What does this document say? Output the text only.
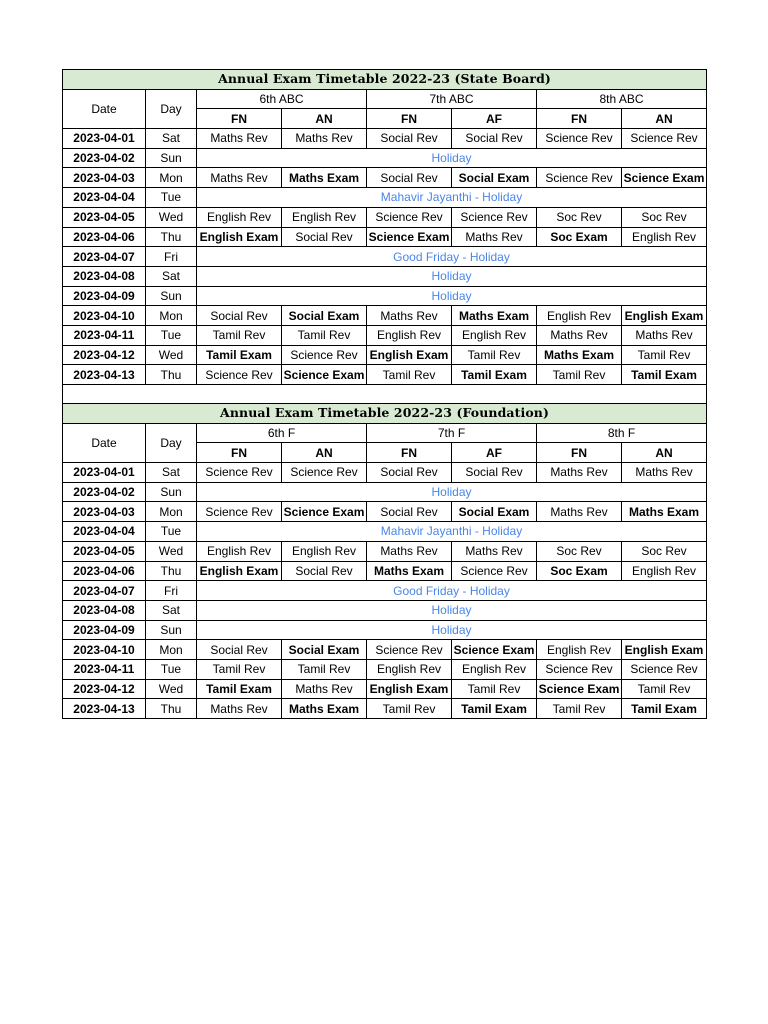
Annual Exam Timetable 2022-23 (State Board)							
Date	Day	6th ABC		7th ABC		8th ABC	
		FN	AN	FN	AF	FN	AN
2023-04-01	Sat	Maths Rev	Maths Rev	Social Rev	Social Rev	Science Rev	Science Rev
2023-04-02	Sun	Holiday					
2023-04-03	Mon	Maths Rev	Maths Exam	Social Rev	Social Exam	Science Rev	Science Exam
2023-04-04	Tue	Mahavir Jayanthi - Holiday					
2023-04-05	Wed	English Rev	English Rev	Science Rev	Science Rev	Soc Rev	Soc Rev
2023-04-06	Thu	English Exam	Social Rev	Science Exam	Maths Rev	Soc Exam	English Rev
2023-04-07	Fri	Good Friday - Holiday					
2023-04-08	Sat	Holiday					
2023-04-09	Sun	Holiday					
2023-04-10	Mon	Social Rev	Social Exam	Maths Rev	Maths Exam	English Rev	English Exam
2023-04-11	Tue	Tamil Rev	Tamil Rev	English Rev	English Rev	Maths Rev	Maths Rev
2023-04-12	Wed	Tamil Exam	Science Rev	English Exam	Tamil Rev	Maths Exam	Tamil Rev
2023-04-13	Thu	Science Rev	Science Exam	Tamil Rev	Tamil Exam	Tamil Rev	Tamil Exam

Annual Exam Timetable 2022-23 (Foundation)							
Date	Day	6th F		7th F		8th F	
		FN	AN	FN	AF	FN	AN
2023-04-01	Sat	Science Rev	Science Rev	Social Rev	Social Rev	Maths Rev	Maths Rev
2023-04-02	Sun	Holiday					
2023-04-03	Mon	Science Rev	Science Exam	Social Rev	Social Exam	Maths Rev	Maths Exam
2023-04-04	Tue	Mahavir Jayanthi - Holiday					
2023-04-05	Wed	English Rev	English Rev	Maths Rev	Maths Rev	Soc Rev	Soc Rev
2023-04-06	Thu	English Exam	Social Rev	Maths Exam	Science Rev	Soc Exam	English Rev
2023-04-07	Fri	Good Friday - Holiday					
2023-04-08	Sat	Holiday					
2023-04-09	Sun	Holiday					
2023-04-10	Mon	Social Rev	Social Exam	Science Rev	Science Exam	English Rev	English Exam
2023-04-11	Tue	Tamil Rev	Tamil Rev	English Rev	English Rev	Science Rev	Science Rev
2023-04-12	Wed	Tamil Exam	Maths Rev	English Exam	Tamil Rev	Science Exam	Tamil Rev
2023-04-13	Thu	Maths Rev	Maths Exam	Tamil Rev	Tamil Exam	Tamil Rev	Tamil Exam
